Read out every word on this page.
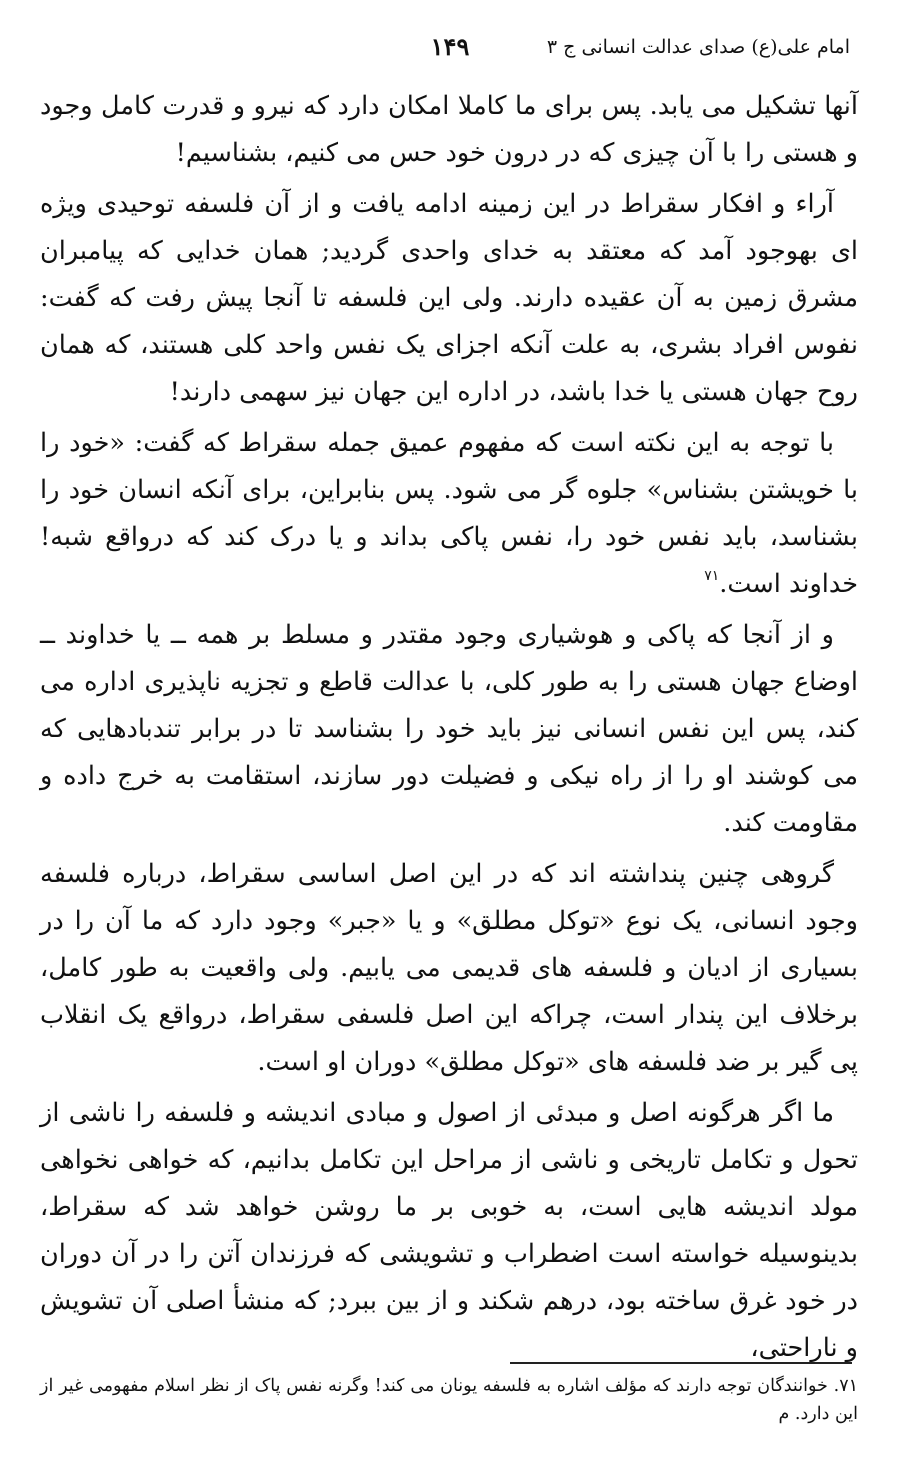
۱۴۹	امام علی(ع) صدای عدالت انسانی ج ۳

آنها تشکیل می یابد. پس برای ما کاملا امکان دارد که نیرو و قدرت کامل وجود و هستی را با آن چیزی که در درون خود حس می کنیم، بشناسیم!

آراء و افکار سقراط در این زمینه ادامه یافت و از آن فلسفه توحیدی ویژه ای بهوجود آمد که معتقد به خدای واحدی گردید; همان خدایی که پیامبران مشرق زمین به آن عقیده دارند. ولی این فلسفه تا آنجا پیش رفت که گفت: نفوس افراد بشری، به علت آنکه اجزای یک نفس واحد کلی هستند، که همان روح جهان هستی یا خدا باشد، در اداره این جهان نیز سهمی دارند!

با توجه به این نکته است که مفهوم عمیق جمله سقراط که گفت: «خود را با خویشتن بشناس» جلوه گر می شود. پس بنابراین، برای آنکه انسان خود را بشناسد، باید نفس خود را، نفس پاکی بداند و یا درک کند که درواقع شبه! خداوند است.$^{۷۱}$

و از آنجا که پاکی و هوشیاری وجود مقتدر و مسلط بر همه ــ یا خداوند ــ اوضاع جهان هستی را به طور کلی، با عدالت قاطع و تجزیه ناپذیری اداره می کند، پس این نفس انسانی نیز باید خود را بشناسد تا در برابر تندبادهایی که می کوشند او را از راه نیکی و فضیلت دور سازند، استقامت به خرج داده و مقاومت کند.

گروهی چنین پنداشته اند که در این اصل اساسی سقراط، درباره فلسفه وجود انسانی، یک نوع «توکل مطلق» و یا «جبر» وجود دارد که ما آن را در بسیاری از ادیان و فلسفه های قدیمی می یابیم. ولی واقعیت به طور کامل، برخلاف این پندار است، چراکه این اصل فلسفی سقراط، درواقع یک انقلاب پی گیر بر ضد فلسفه های «توکل مطلق» دوران او است.

ما اگر هرگونه اصل و مبدئی از اصول و مبادی اندیشه و فلسفه را ناشی از تحول و تکامل تاریخی و ناشی از مراحل این تکامل بدانیم، که خواهی نخواهی مولد اندیشه هایی است، به خوبی بر ما روشن خواهد شد که سقراط، بدینوسیله خواسته است اضطراب و تشویشی که فرزندان آتن را در آن دوران در خود غرق ساخته بود، درهم شکند و از بین ببرد; که منشأ اصلی آن تشویش و ناراحتی،

۷۱. خوانندگان توجه دارند که مؤلف اشاره به فلسفه یونان می کند! وگرنه نفس پاک از نظر اسلام مفهومی غیر از این دارد. م
